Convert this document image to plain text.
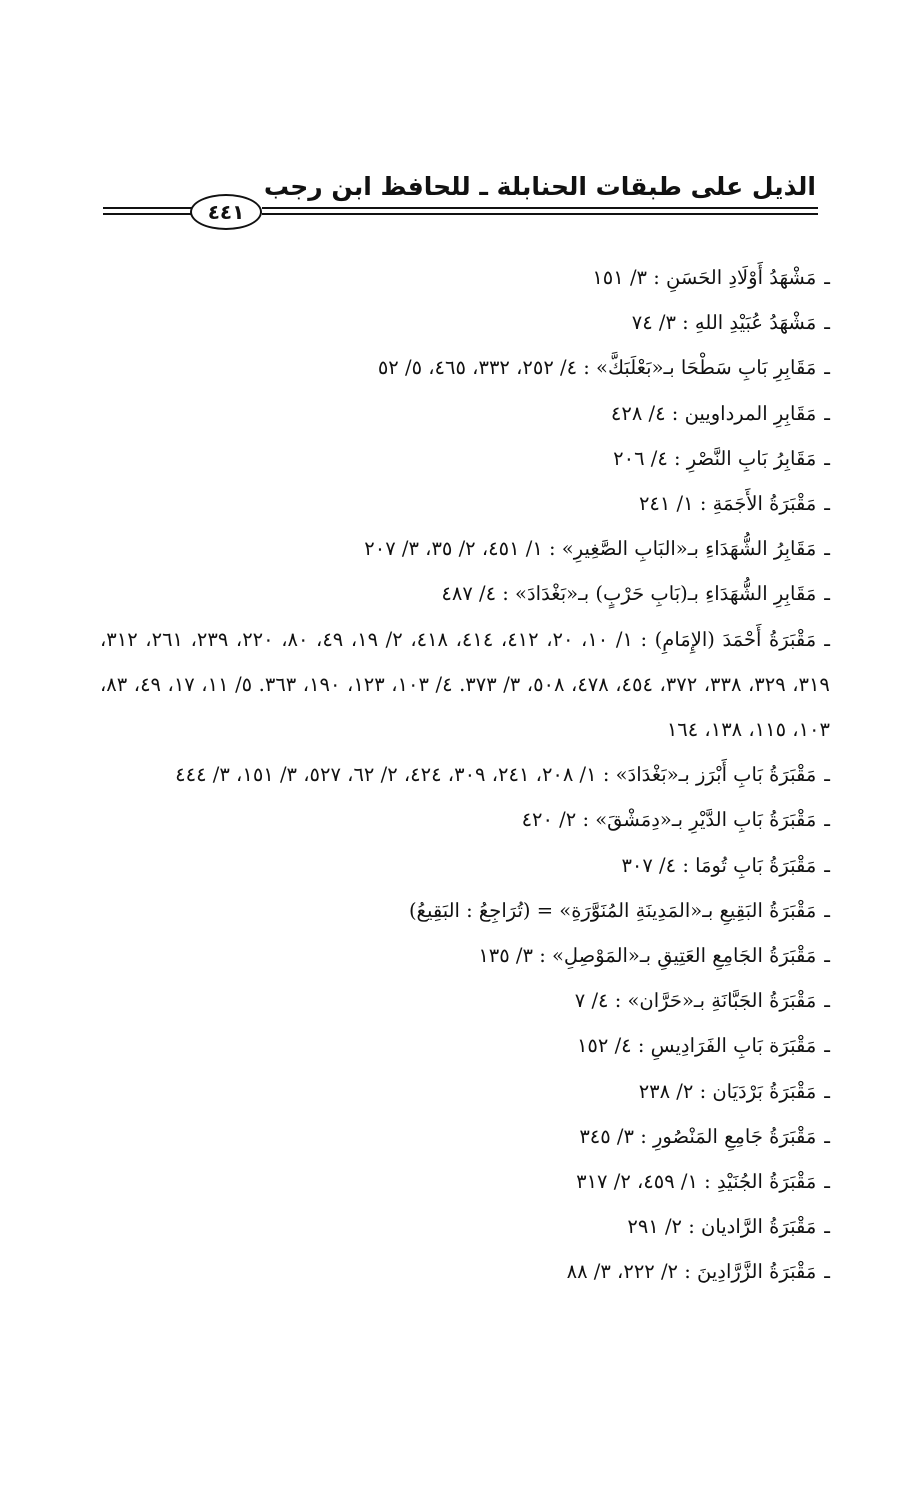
الذيل على طبقات الحنابلة ـ للحافظ ابن رجب
٤٤١
ـمَشْهَدُ أَوْلَادِ الحَسَنِ : ٣/ ١٥١
ـمَشْهَدُ عُبَيْدِ اللهِ : ٣/ ٧٤
ـمَقَابِرِ بَابِ سَطْحَا بـ«بَعْلَبَكَّ» : ٤/ ٢٥٢، ٣٣٢، ٤٦٥، ٥/ ٥٢
ـمَقَابِرِ المرداويين : ٤/ ٤٢٨
ـمَقَابِرُ بَابِ النَّصْرِ : ٤/ ٢٠٦
ـمَقْبَرَةُ الأَجَمَةِ : ١/ ٢٤١
ـمَقَابِرُ الشُّهَدَاءِ بـ«البَابِ الصَّغِيرِ» : ١/ ٤٥١، ٢/ ٣٥، ٣/ ٢٠٧
ـمَقَابِرِ الشُّهَدَاءِ بـ(بَابِ حَرْبٍ) بـ«بَغْدَادَ» : ٤/ ٤٨٧
ـمَقْبَرَةُ أَحْمَدَ (الإِمَامِ) : ١/ ١٠، ٢٠، ٤١٢، ٤١٤، ٤١٨، ٢/ ١٩، ٤٩، ٨٠، ٢٢٠، ٢٣٩، ٢٦١، ٣١٢، ٣١٩، ٣٢٩، ٣٣٨، ٣٧٢، ٤٥٤، ٤٧٨، ٥٠٨، ٣/ ٣٧٣. ٤/ ١٠٣، ١٢٣، ١٩٠، ٣٦٣. ٥/ ١١، ١٧، ٤٩، ٨٣، ١٠٣، ١١٥، ١٣٨، ١٦٤
ـمَقْبَرَةُ بَابِ أَبْرَز بـ«بَغْدَادَ» : ١/ ٢٠٨، ٢٤١، ٣٠٩، ٤٢٤، ٢/ ٦٢، ٥٢٧، ٣/ ١٥١، ٣/ ٤٤٤
ـمَقْبَرَةُ بَابِ الدَّيْرِ بـ«دِمَشْقَ» : ٢/ ٤٢٠
ـمَقْبَرَةُ بَابِ تُومَا : ٤/ ٣٠٧
ـمَقْبَرَةُ البَقِيعِ بـ«المَدِينَةِ المُنَوَّرَةِ» = (تُرَاجِعُ : البَقِيعُ)
ـمَقْبَرَةُ الجَامِعِ العَتِيقِ بـ«المَوْصِلِ» : ٣/ ١٣٥
ـمَقْبَرَةُ الجَبَّانَةِ بـ«حَرَّان» : ٤/ ٧
ـمَقْبَرَة بَابِ الفَرَادِيسِ : ٤/ ١٥٢
ـمَقْبَرَةُ بَرْدَيَان : ٢/ ٢٣٨
ـمَقْبَرَةُ جَامِعِ المَنْصُورِ : ٣/ ٣٤٥
ـمَقْبَرَةُ الجُنَيْدِ : ١/ ٤٥٩، ٢/ ٣١٧
ـمَقْبَرَةُ الرَّاديان : ٢/ ٢٩١
ـمَقْبَرَةُ الزَّرَّادِينَ : ٢/ ٢٢٢، ٣/ ٨٨
